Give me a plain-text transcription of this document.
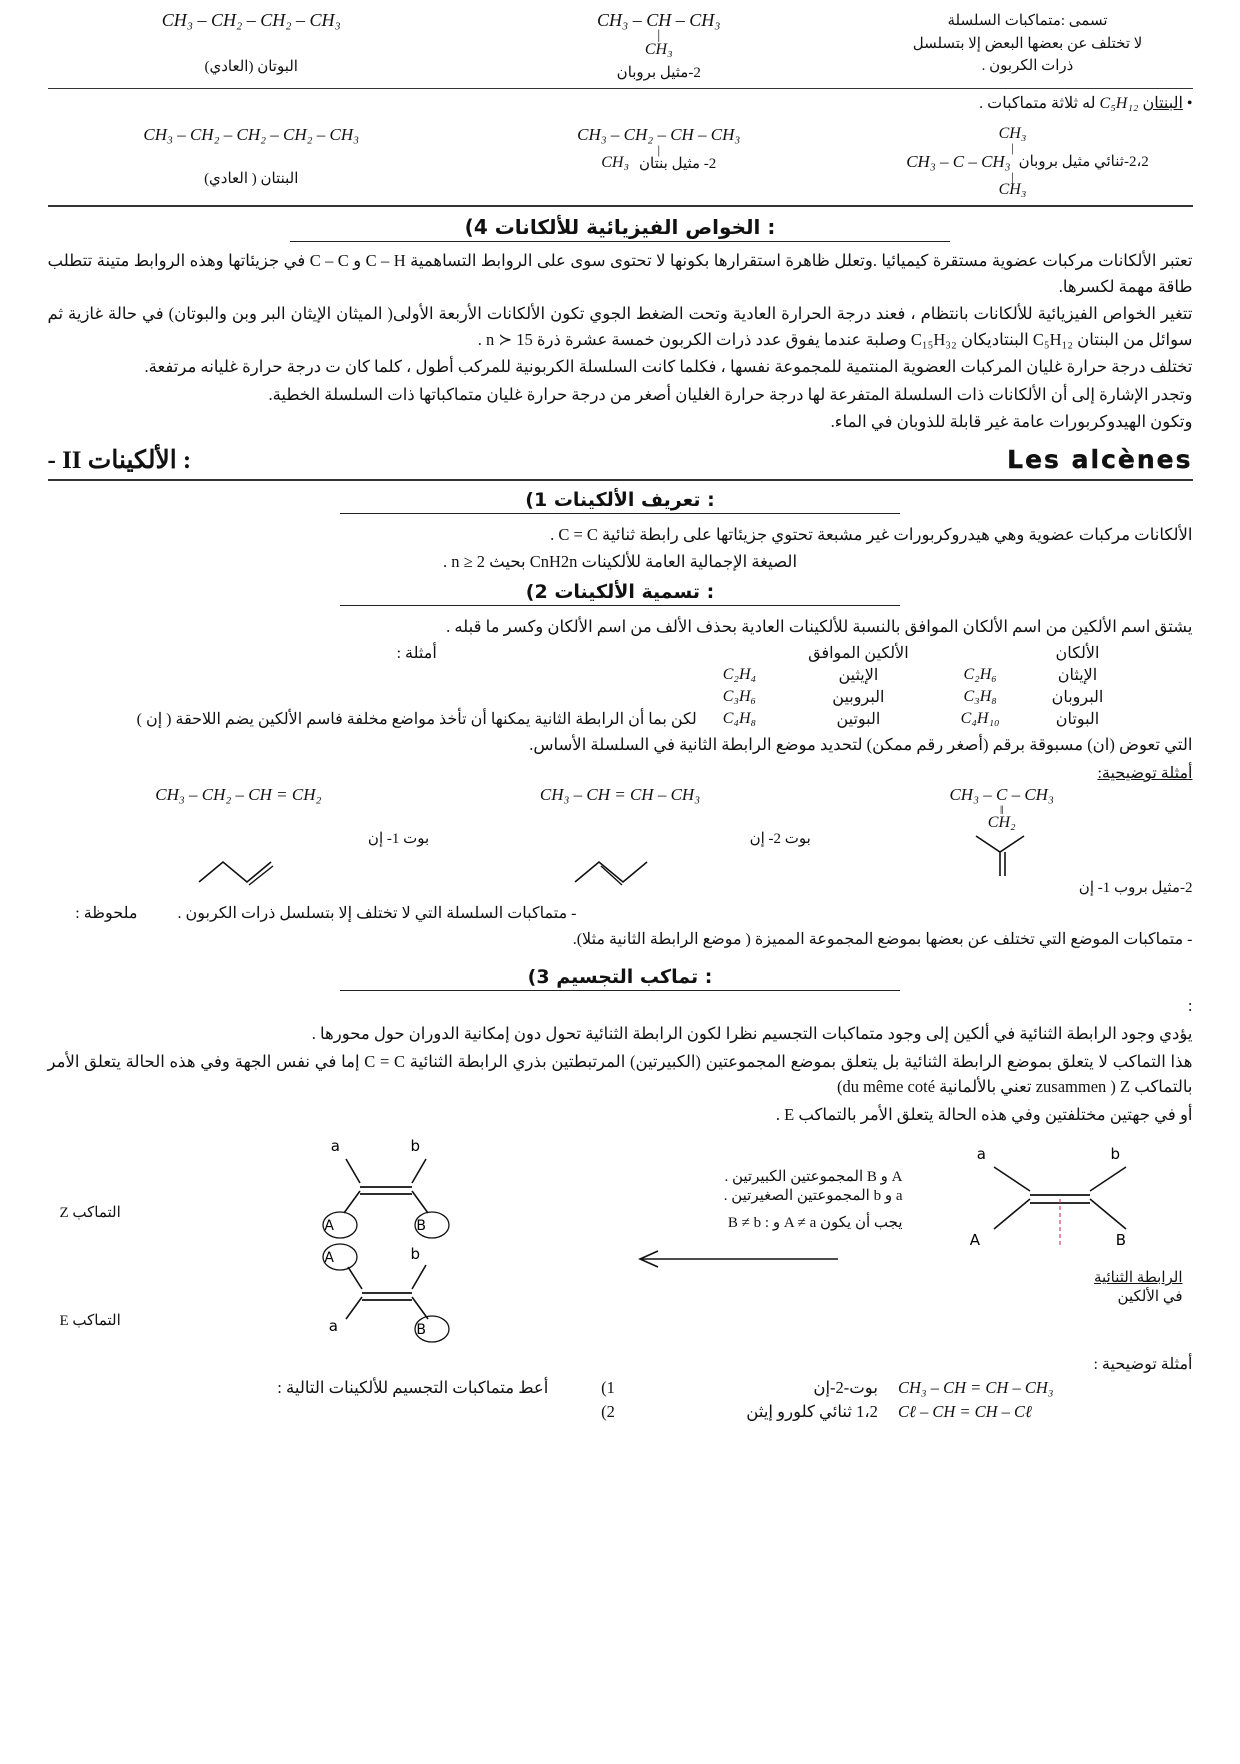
تسمى :متماكبات السلسلة
لا تختلف عن بعضها البعض إلا بتسلسل
ذرات الكربون .
CH₃ – CH – CH₃
|
CH₃
2-مثيل بروبان
CH₃ – CH₂ – CH₂ – CH₃
البوتان (العادي)
• البنتان C₅H₁₂ له ثلاثة متماكبات .
CH₃
|
2،2-ثنائي مثيل بروبان
CH₃ – C – CH₃
|
CH₃
CH₃ – CH₂ – CH – CH₃
|
2- مثيل بنتان
CH₃
CH₃ – CH₂ – CH₂ – CH₂ – CH₃
البنتان ( العادي)
: الخواص الفيزيائية للألكانات 4)
تعتبر الألكانات مركبات عضوية مستقرة كيميائيا .وتعلل ظاهرة استقرارها بكونها لا تحتوى سوى على الروابط التساهمية C – H و C – C في جزيئاتها وهذه الروابط متينة تتطلب طاقة مهمة لكسرها.
تتغير الخواص الفيزيائية للألكانات بانتظام ، فعند درجة الحرارة العادية وتحت الضغط الجوي تكون الألكانات الأربعة الأولى( الميثان الإيثان البر وبن والبوتان) في حالة غازية ثم سوائل من البنتان C₅H₁₂ البنتاديكان C₁₅H₃₂ وصلبة عندما يفوق عدد ذرات الكربون خمسة عشرة ذرة 15 ≺ n .
تختلف درجة حرارة غليان المركبات العضوية المنتمية للمجموعة نفسها ، فكلما كانت السلسلة الكربونية للمركب أطول ، كلما كان ت درجة حرارة غليانه مرتفعة.
وتجدر الإشارة إلى أن الألكانات ذات السلسلة المتفرعة لها درجة حرارة الغليان أصغر من درجة حرارة غليان متماكباتها ذات السلسلة الخطية.
وتكون الهيدوكربورات عامة غير قابلة للذوبان في الماء.
Les alcènes
: الألكينات II -
: تعريف الألكينات 1)
الألكانات مركبات عضوية وهي هيدروكربورات غير مشبعة تحتوي جزيئاتها على رابطة ثنائية C = C .
الصيغة الإجمالية العامة للألكينات CnH2n بحيث n ≥ 2 .
: تسمية الألكينات 2)
يشتق اسم الألكين من اسم الألكان الموافق بالنسبة للألكينات العادية بحذف الألف من اسم الألكان وكسر ما قبله .
الألكان		الألكين الموافق		أمثلة :
الإيثان	C₂H₆	الإيثين	C₂H₄	
البروبان	C₃H₈	البروبين	C₃H₆	
البوتان	C₄H₁₀	البوتين	C₄H₈	لكن بما أن الرابطة الثانية يمكنها أن تأخذ مواضع مخلفة فاسم الألكين يضم اللاحقة ( إن )
التي تعوض (ان) مسبوقة برقم (أصغر رقم ممكن) لتحديد موضع الرابطة الثانية في السلسلة الأساس.
أمثلة توضيحية:
CH₃ – C – CH₃
‖
CH₂
2-مثيل بروب 1- إن
CH₃ – CH = CH – CH₃
بوت 2- إن
CH₃ – CH₂ – CH = CH₂
بوت 1- إن
- متماكبات السلسلة التي لا تختلف إلا بتسلسل ذرات الكربون .
ملحوظة :
- متماكبات الموضع التي تختلف عن بعضها بموضع المجموعة المميزة ( موضع الرابطة الثانية مثلا).
: تماكب التجسيم 3)
:
يؤدي وجود الرابطة الثنائية في ألكين إلى وجود متماكبات التجسيم نظرا لكون الرابطة الثنائية تحول دون إمكانية الدوران حول محورها .
هذا التماكب لا يتعلق بموضع الرابطة الثنائية بل يتعلق بموضع المجموعتين (الكبيرتين) المرتبطتين بذري الرابطة الثنائية C = C إما في نفس الجهة وفي هذه الحالة يتعلق الأمر بالتماكب Z ( zusammen تعني بالألمانية du même coté)
أو في جهتين مختلفتين وفي هذه الحالة يتعلق الأمر بالتماكب E .
a	b
A	B
الرابطة الثنائية
في الألكين
A و B المجموعتين الكبيرتين .
a و b المجموعتين الصغيرتين .
يجب أن يكون A ≠ a و : B ≠ b
a	b
A	B
A	b
a	B
التماكب Z
التماكب E
أمثلة توضيحية :
CH₃ – CH = CH – CH₃	بوت-2-إن	1)	أعط متماكبات التجسيم للألكينات التالية :
Cℓ – CH = CH – Cℓ	1،2 ثنائي كلورو إيثن	2)	
